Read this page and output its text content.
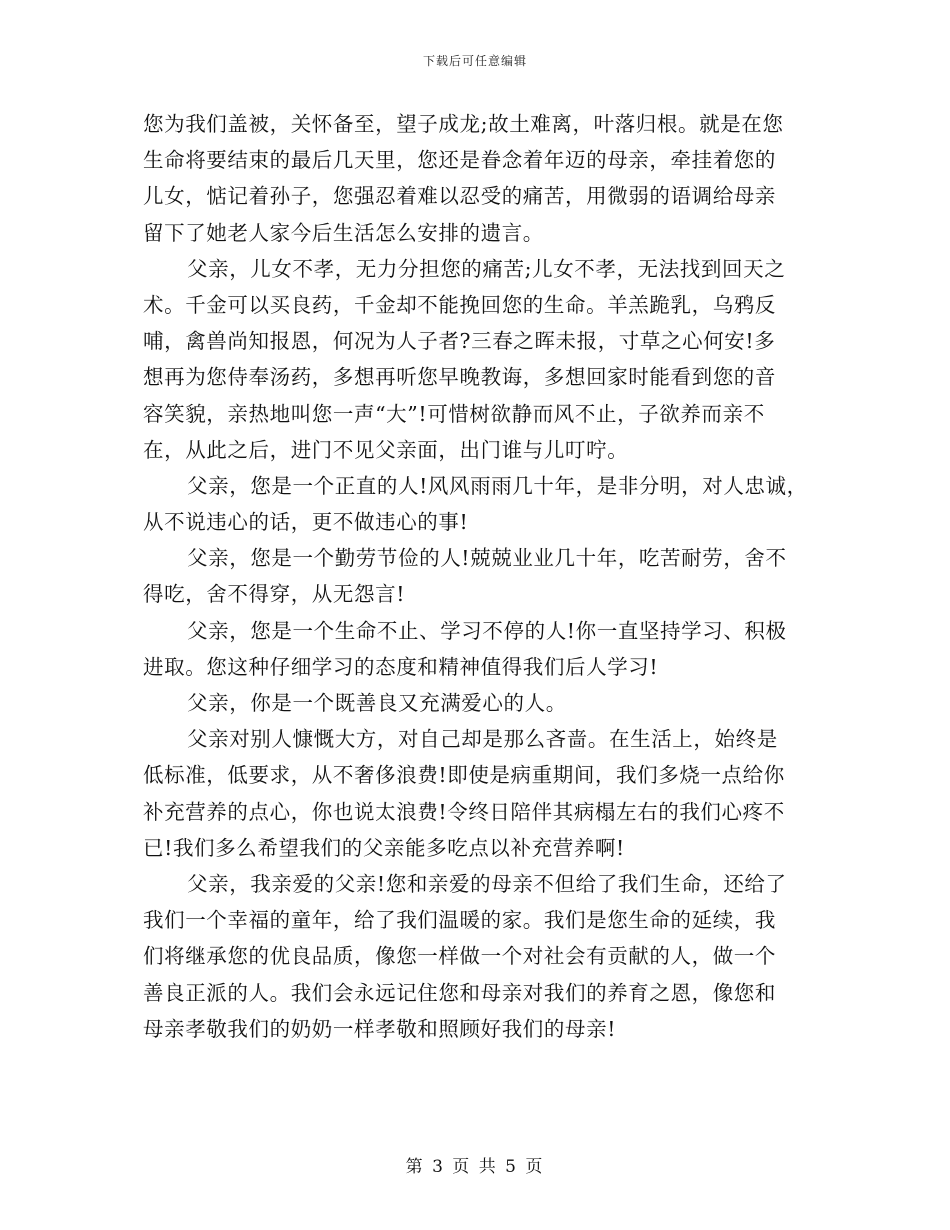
下载后可任意编辑
您为我们盖被，关怀备至，望子成龙;故土难离，叶落归根。就是在您
生命将要结束的最后几天里，您还是眷念着年迈的母亲，牵挂着您的
儿女，惦记着孙子，您强忍着难以忍受的痛苦，用微弱的语调给母亲
留下了她老人家今后生活怎么安排的遗言。
父亲，儿女不孝，无力分担您的痛苦;儿女不孝，无法找到回天之
术。千金可以买良药，千金却不能挽回您的生命。羊羔跪乳，乌鸦反
哺，禽兽尚知报恩，何况为人子者?三春之晖未报，寸草之心何安!多
想再为您侍奉汤药，多想再听您早晚教诲，多想回家时能看到您的音
容笑貌，亲热地叫您一声“大”!可惜树欲静而风不止，子欲养而亲不
在，从此之后，进门不见父亲面，出门谁与儿叮咛。
父亲，您是一个正直的人!风风雨雨几十年，是非分明，对人忠诚，
从不说违心的话，更不做违心的事!
父亲，您是一个勤劳节俭的人!兢兢业业几十年，吃苦耐劳，舍不
得吃，舍不得穿，从无怨言!
父亲，您是一个生命不止、学习不停的人!你一直坚持学习、积极
进取。您这种仔细学习的态度和精神值得我们后人学习!
父亲，你是一个既善良又充满爱心的人。
父亲对别人慷慨大方，对自己却是那么吝啬。在生活上，始终是
低标准，低要求，从不奢侈浪费!即使是病重期间，我们多烧一点给你
补充营养的点心，你也说太浪费!令终日陪伴其病榻左右的我们心疼不
已!我们多么希望我们的父亲能多吃点以补充营养啊!
父亲，我亲爱的父亲!您和亲爱的母亲不但给了我们生命，还给了
我们一个幸福的童年，给了我们温暖的家。我们是您生命的延续，我
们将继承您的优良品质，像您一样做一个对社会有贡献的人，做一个
善良正派的人。我们会永远记住您和母亲对我们的养育之恩，像您和
母亲孝敬我们的奶奶一样孝敬和照顾好我们的母亲!
第 3 页 共 5 页
